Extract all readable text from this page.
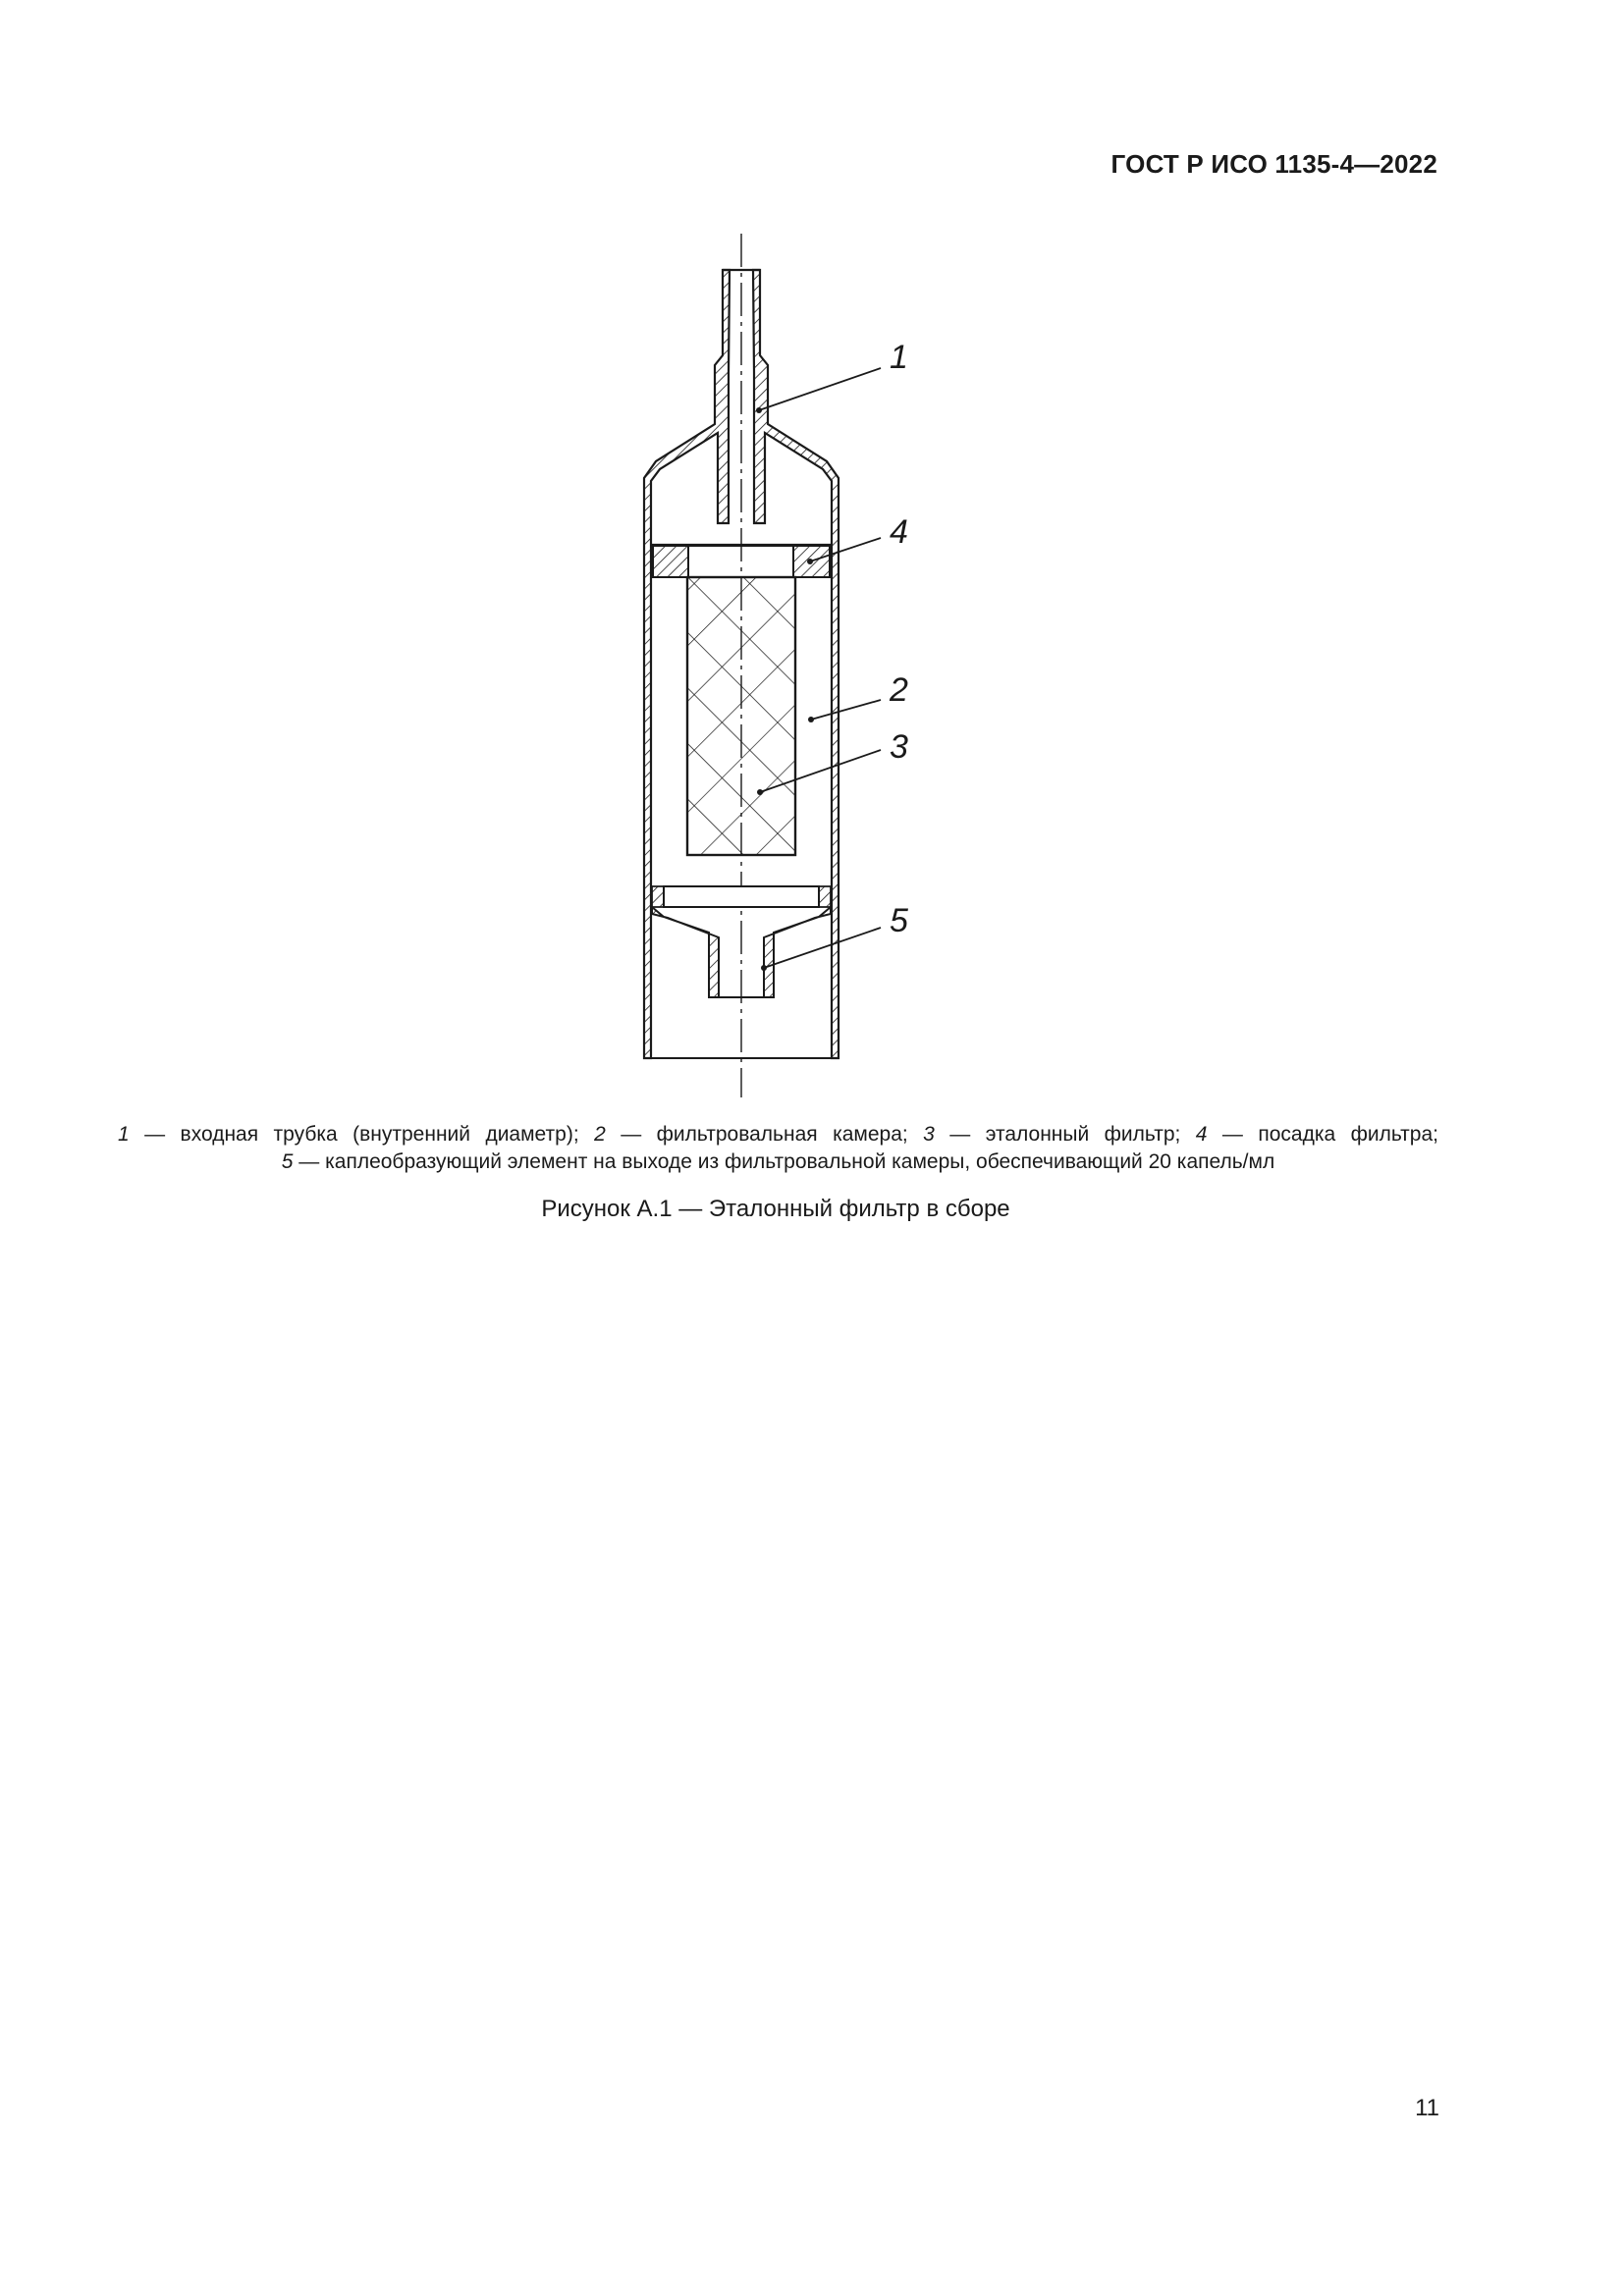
ГОСТ Р ИСО 1135-4—2022
1
4
2
3
5
1 — входная трубка (внутренний диаметр); 2 — фильтровальная камера; 3 — эталонный фильтр; 4 — посадка фильтра;
5 — каплеобразующий элемент на выходе из фильтровальной камеры, обеспечивающий 20 капель/мл
Рисунок А.1 — Эталонный фильтр в сборе
11
